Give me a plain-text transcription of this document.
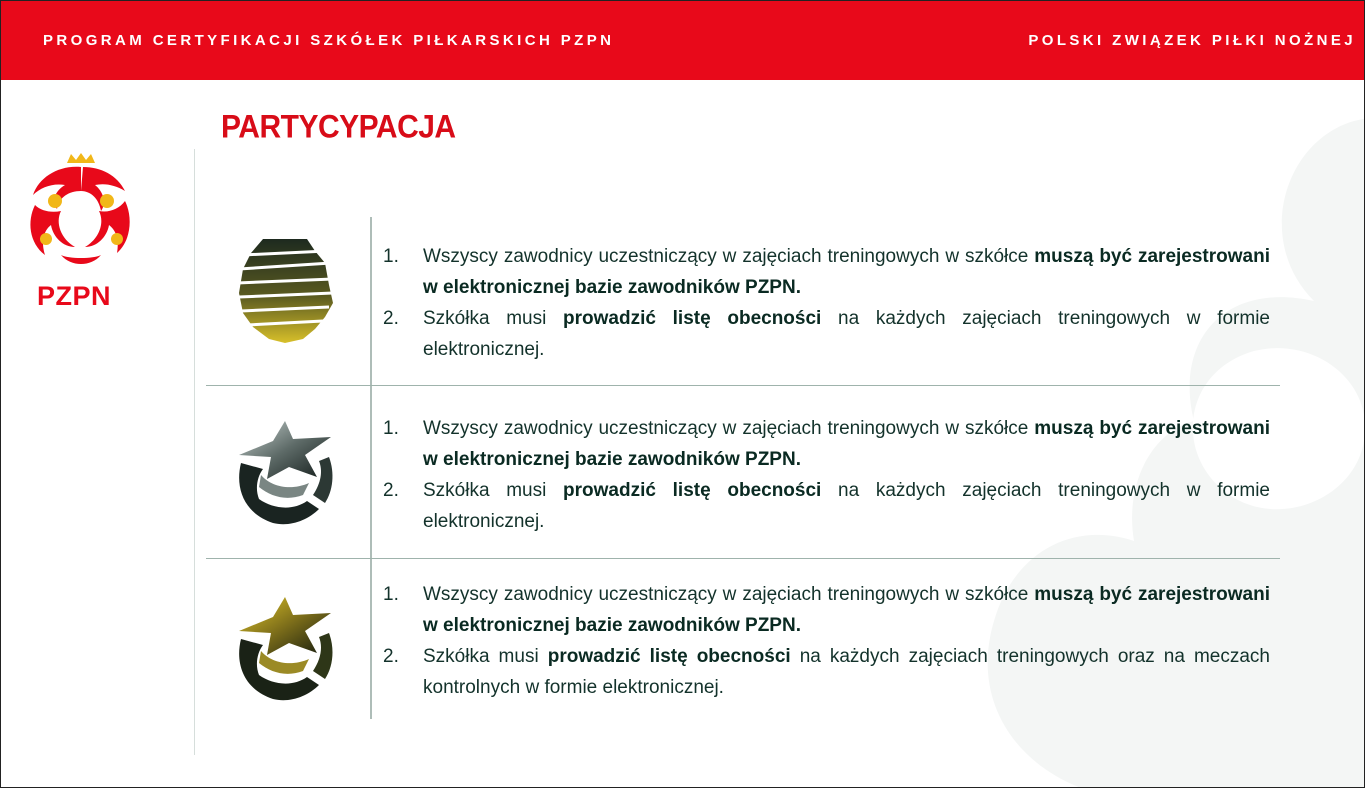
PROGRAM CERTYFIKACJI SZKÓŁEK PIŁKARSKICH PZPN	POLSKI ZWIĄZEK PIŁKI NOŻNEJ
PZPN
PARTYCYPACJA
1. Wszyscy zawodnicy uczestniczący w zajęciach treningowych w szkółce muszą być zarejestrowani w elektronicznej bazie zawodników PZPN.
2. Szkółka musi prowadzić listę obecności na każdych zajęciach treningowych w formie elektronicznej.
1. Wszyscy zawodnicy uczestniczący w zajęciach treningowych w szkółce muszą być zarejestrowani w elektronicznej bazie zawodników PZPN.
2. Szkółka musi prowadzić listę obecności na każdych zajęciach treningowych w formie elektronicznej.
1. Wszyscy zawodnicy uczestniczący w zajęciach treningowych w szkółce muszą być zarejestrowani w elektronicznej bazie zawodników PZPN.
2. Szkółka musi prowadzić listę obecności na każdych zajęciach treningowych oraz na meczach kontrolnych w formie elektronicznej.
